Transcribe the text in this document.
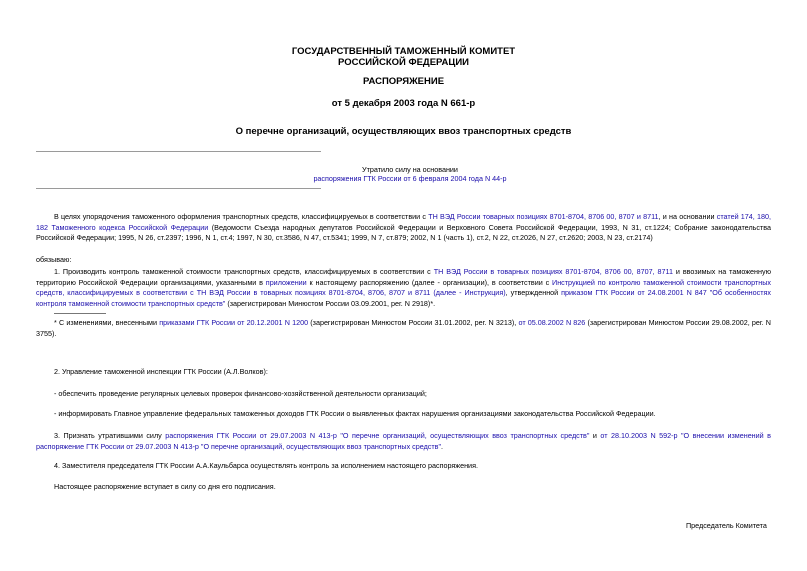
ГОСУДАРСТВЕННЫЙ ТАМОЖЕННЫЙ КОМИТЕТ
РОССИЙСКОЙ ФЕДЕРАЦИИ
РАСПОРЯЖЕНИЕ
от 5 декабря 2003 года N 661-р
О перечне организаций, осуществляющих ввоз транспортных средств
Утратило силу на основании
распоряжения ГТК России от 6 февраля 2004 года N 44-р
В целях упорядочения таможенного оформления транспортных средств, классифицируемых в соответствии с ТН ВЭД России товарных позициях 8701-8704, 8706 00, 8707 и 8711, и на основании статей 174, 180, 182 Таможенного кодекса Российской Федерации (Ведомости Съезда народных депутатов Российской Федерации и Верховного Совета Российской Федерации, 1993, N 31, ст.1224; Собрание законодательства Российской Федерации; 1995, N 26, ст.2397; 1996, N 1, ст.4; 1997, N 30, ст.3586, N 47, ст.5341; 1999, N 7, ст.879; 2002, N 1 (часть 1), ст.2, N 22, ст.2026, N 27, ст.2620; 2003, N 23, ст.2174)
обязываю:
1. Производить контроль таможенной стоимости транспортных средств, классифицируемых в соответствии с ТН ВЭД России в товарных позициях 8701-8704, 8706 00, 8707, 8711 и ввозимых на таможенную территорию Российской Федерации организациями, указанными в приложении к настоящему распоряжению (далее - организации), в соответствии с Инструкцией по контролю таможенной стоимости транспортных средств, классифицируемых в соответствии с ТН ВЭД России в товарных позициях 8701-8704, 8706, 8707 и 8711 (далее - Инструкция), утвержденной приказом ГТК России от 24.08.2001 N 847 "Об особенностях контроля таможенной стоимости транспортных средств" (зарегистрирован Минюстом России 03.09.2001, рег. N 2918)*.
* С изменениями, внесенными приказами ГТК России от 20.12.2001 N 1200 (зарегистрирован Минюстом России 31.01.2002, рег. N 3213), от 05.08.2002 N 826 (зарегистрирован Минюстом России 29.08.2002, рег. N 3755).
2. Управление таможенной инспекции ГТК России (А.Л.Волков):
- обеспечить проведение регулярных целевых проверок финансово-хозяйственной деятельности организаций;
- информировать Главное управление федеральных таможенных доходов ГТК России о выявленных фактах нарушения организациями законодательства Российской Федерации.
3. Признать утратившими силу распоряжения ГТК России от 29.07.2003 N 413-р "О перечне организаций, осуществляющих ввоз транспортных средств" и от 28.10.2003 N 592-р "О внесении изменений в распоряжение ГТК России от 29.07.2003 N 413-р "О перечне организаций, осуществляющих ввоз транспортных средств".
4. Заместителя председателя ГТК России А.А.Каульбарса осуществлять контроль за исполнением настоящего распоряжения.
Настоящее распоряжение вступает в силу со дня его подписания.
Председатель Комитета
